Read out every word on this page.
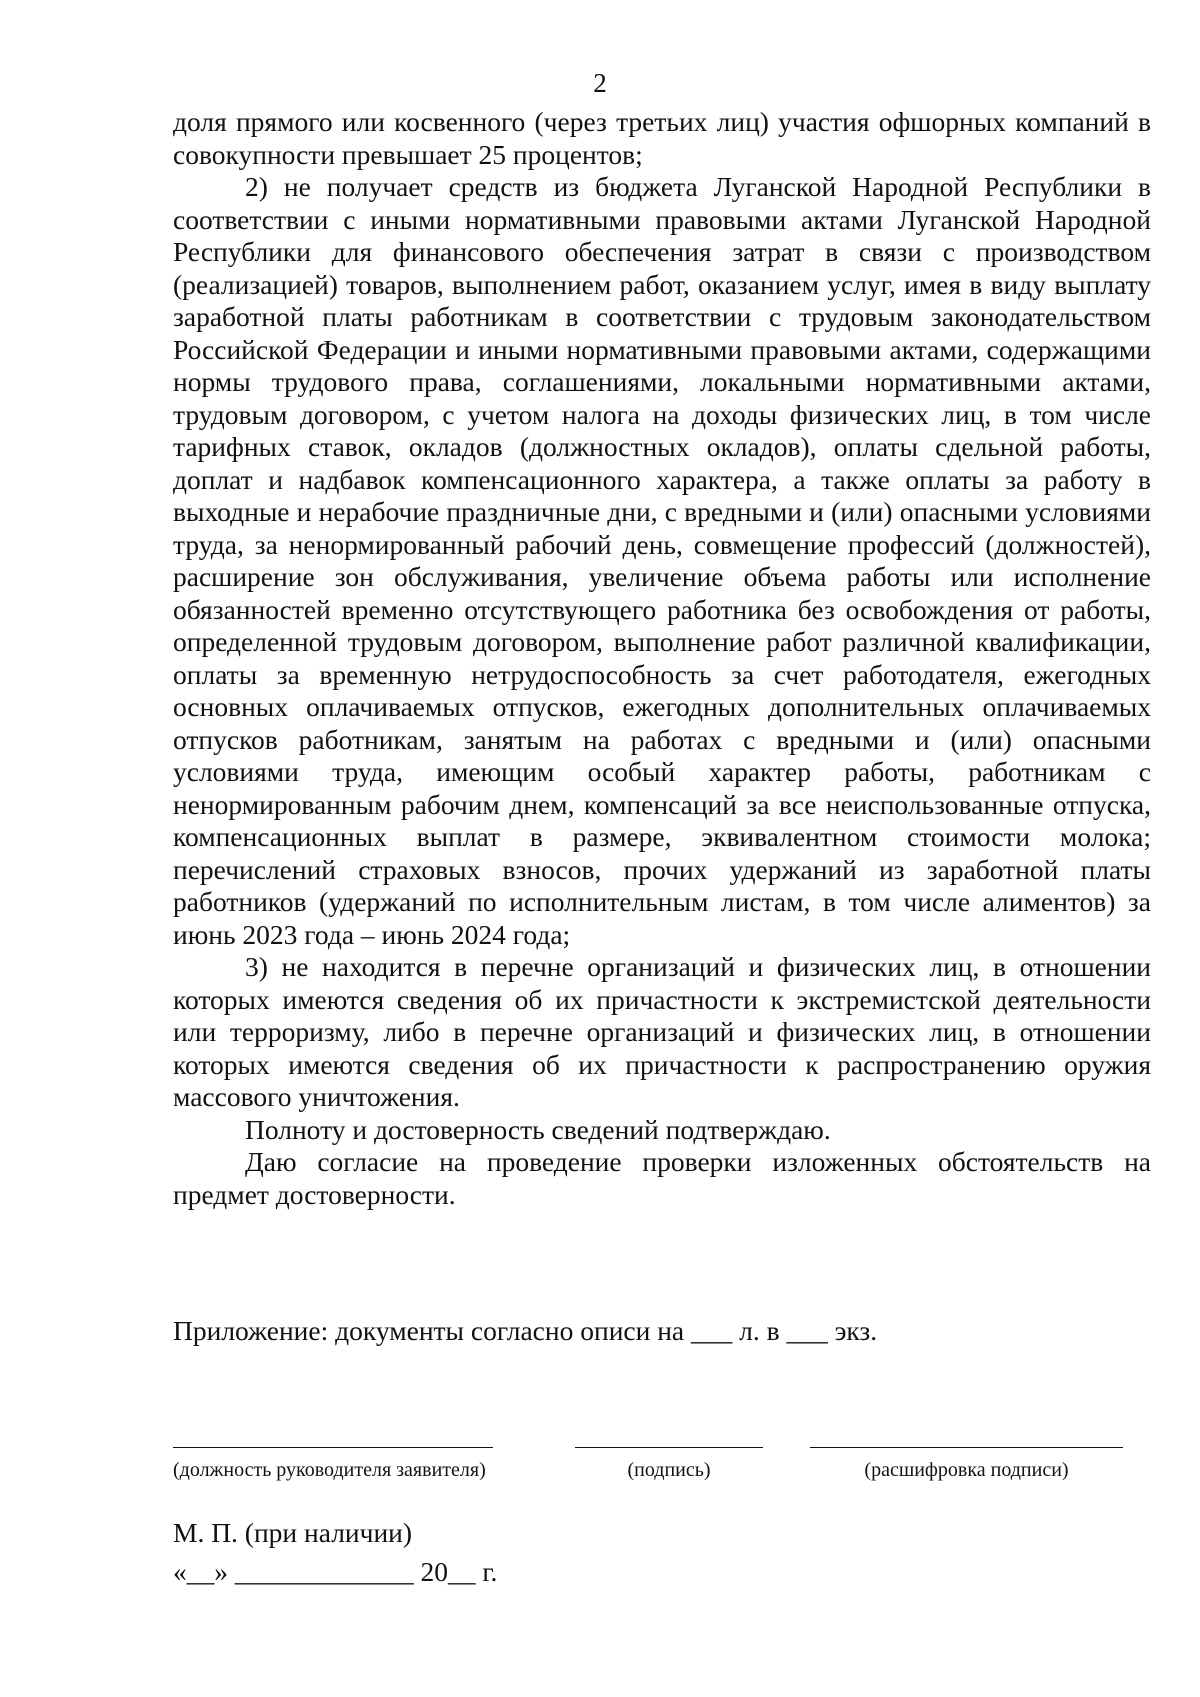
2

доля прямого или косвенного (через третьих лиц) участия офшорных компаний в совокупности превышает 25 процентов;

2) не получает средств из бюджета Луганской Народной Республики в соответствии с иными нормативными правовыми актами Луганской Народной Республики для финансового обеспечения затрат в связи с производством (реализацией) товаров, выполнением работ, оказанием услуг, имея в виду выплату заработной платы работникам в соответствии с трудовым законодательством Российской Федерации и иными нормативными правовыми актами, содержащими нормы трудового права, соглашениями, локальными нормативными актами, трудовым договором, с учетом налога на доходы физических лиц, в том числе тарифных ставок, окладов (должностных окладов), оплаты сдельной работы, доплат и надбавок компенсационного характера, а также оплаты за работу в выходные и нерабочие праздничные дни, с вредными и (или) опасными условиями труда, за ненормированный рабочий день, совмещение профессий (должностей), расширение зон обслуживания, увеличение объема работы или исполнение обязанностей временно отсутствующего работника без освобождения от работы, определенной трудовым договором, выполнение работ различной квалификации, оплаты за временную нетрудоспособность за счет работодателя, ежегодных основных оплачиваемых отпусков, ежегодных дополнительных оплачиваемых отпусков работникам, занятым на работах с вредными и (или) опасными условиями труда, имеющим особый характер работы, работникам с ненормированным рабочим днем, компенсаций за все неиспользованные отпуска, компенсационных выплат в размере, эквивалентном стоимости молока; перечислений страховых взносов, прочих удержаний из заработной платы работников (удержаний по исполнительным листам, в том числе алиментов) за июнь 2023 года – июнь 2024 года;

3) не находится в перечне организаций и физических лиц, в отношении которых имеются сведения об их причастности к экстремистской деятельности или терроризму, либо в перечне организаций и физических лиц, в отношении которых имеются сведения об их причастности к распространению оружия массового уничтожения.

Полноту и достоверность сведений подтверждаю.

Даю согласие на проведение проверки изложенных обстоятельств на предмет достоверности.

Приложение: документы согласно описи на ___ л. в ___ экз.
(должность руководителя заявителя)	(подпись)	(расшифровка подписи)
М. П. (при наличии)
«__» _____________ 20__ г.
